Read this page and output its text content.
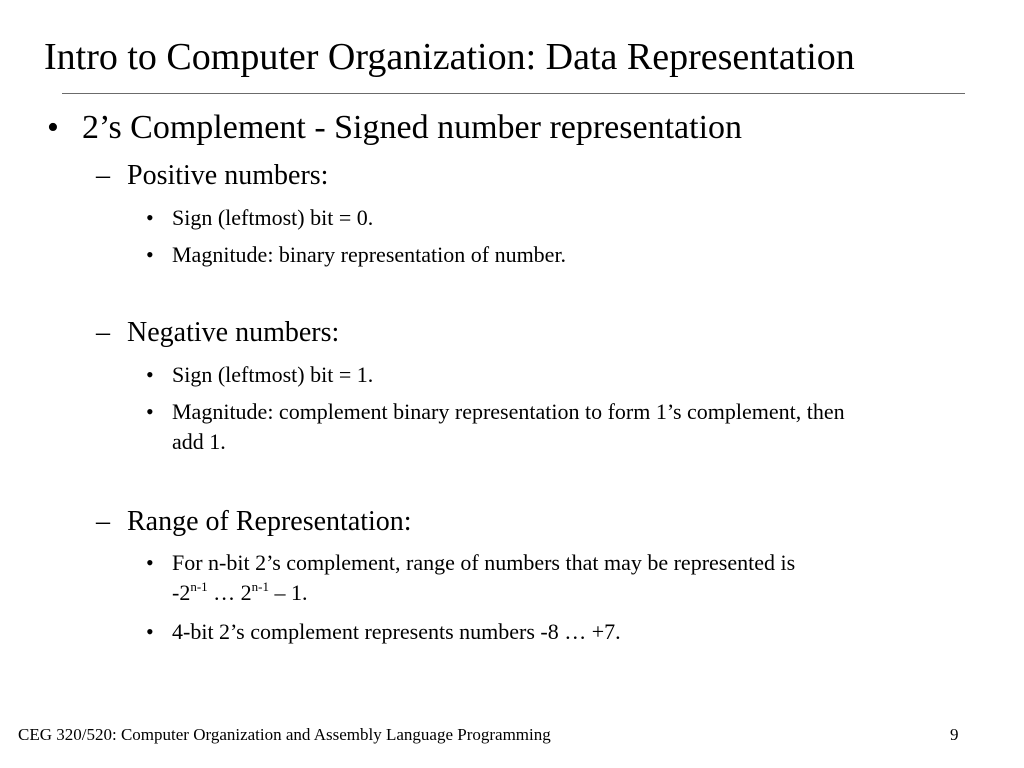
Intro to Computer Organization: Data Representation
• 2’s Complement - Signed number representation
– Positive numbers:
• Sign (leftmost) bit = 0.
• Magnitude: binary representation of number.
– Negative numbers:
• Sign (leftmost) bit = 1.
• Magnitude: complement binary representation to form 1’s complement, then add 1.
– Range of Representation:
• For n-bit 2’s complement, range of numbers that may be represented is
-2$^{n-1}$ … 2$^{n-1}$ – 1.
• 4-bit 2’s complement represents numbers -8 … +7.
CEG 320/520: Computer Organization and Assembly Language Programming	9
